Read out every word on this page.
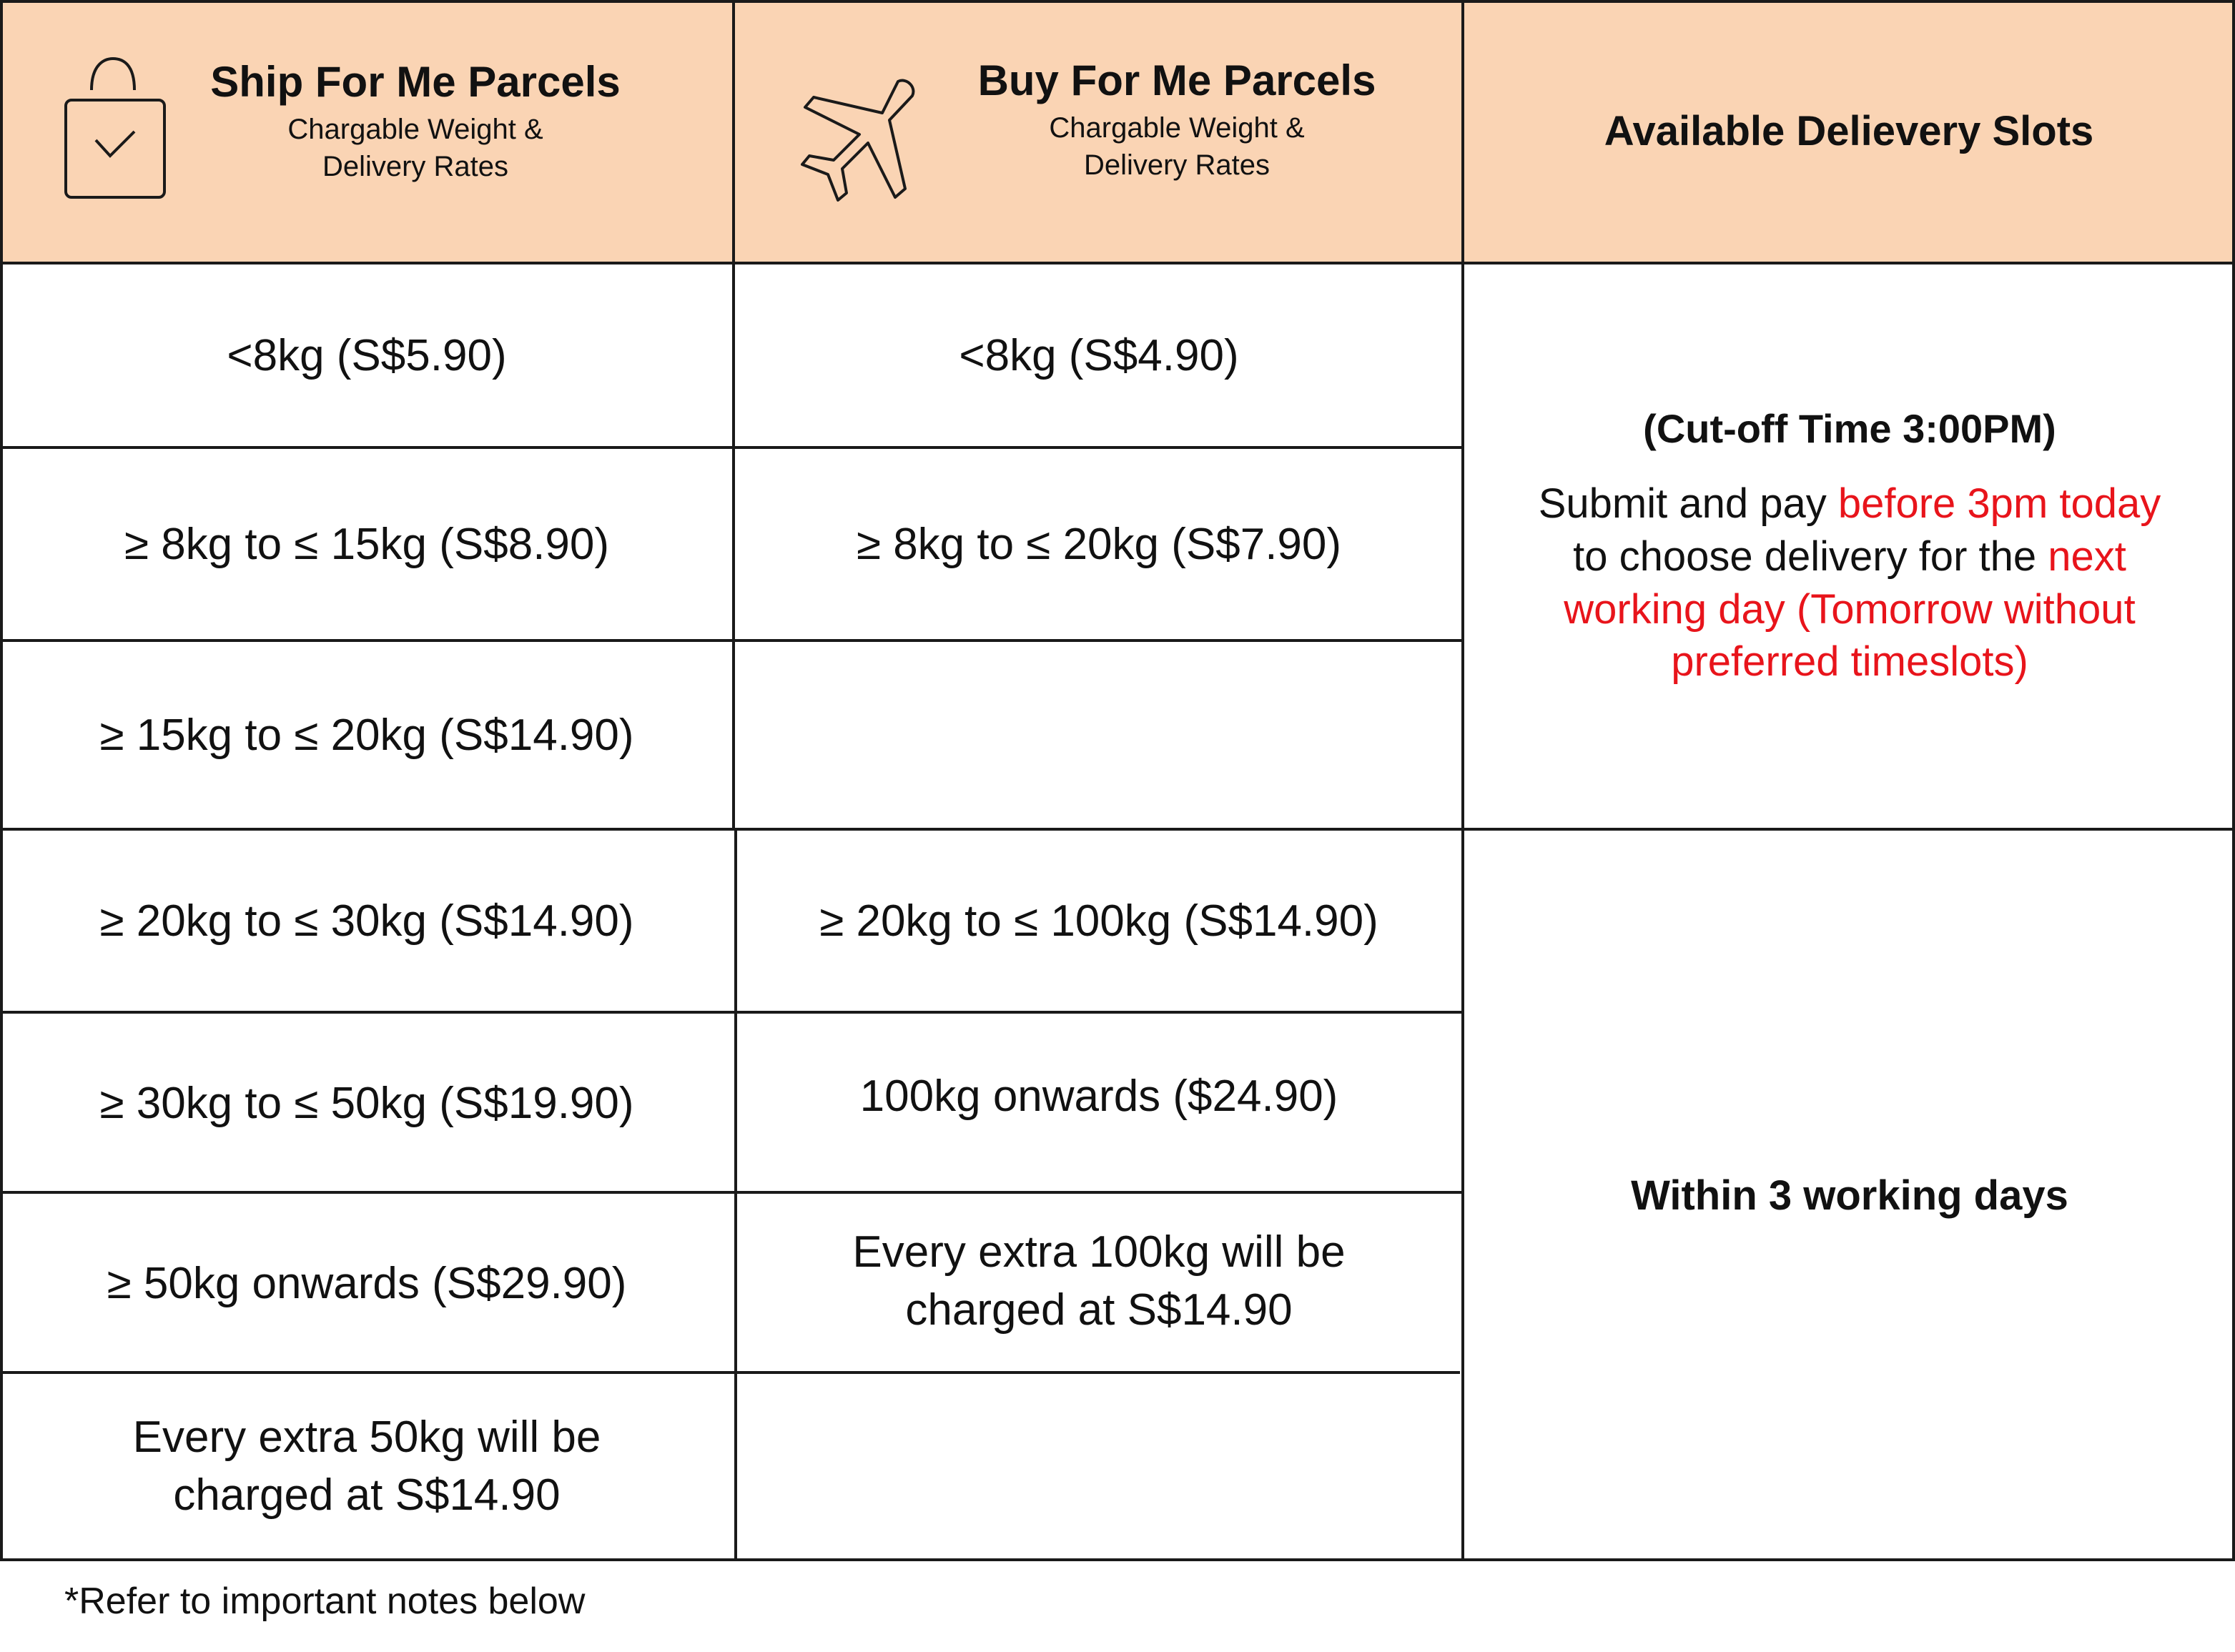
Ship For Me Parcels
Chargable Weight &
Delivery Rates
Buy For Me Parcels
Chargable Weight &
Delivery Rates
Available Delievery Slots
<8kg (S$5.90)
≥ 8kg to ≤ 15kg (S$8.90)
≥ 15kg to ≤ 20kg (S$14.90)
≥ 20kg to ≤ 30kg (S$14.90)
≥ 30kg to ≤ 50kg (S$19.90)
≥ 50kg onwards (S$29.90)
Every extra 50kg will be
charged at S$14.90
<8kg (S$4.90)
≥ 8kg to ≤ 20kg (S$7.90)
≥ 20kg to ≤ 100kg (S$14.90)
100kg onwards ($24.90)
Every extra 100kg will be
charged at S$14.90
(Cut-off Time 3:00PM)
Submit and pay before 3pm today
to choose delivery for the next
working day (Tomorrow without
preferred timeslots)
Within 3 working days
*Refer to important notes below
